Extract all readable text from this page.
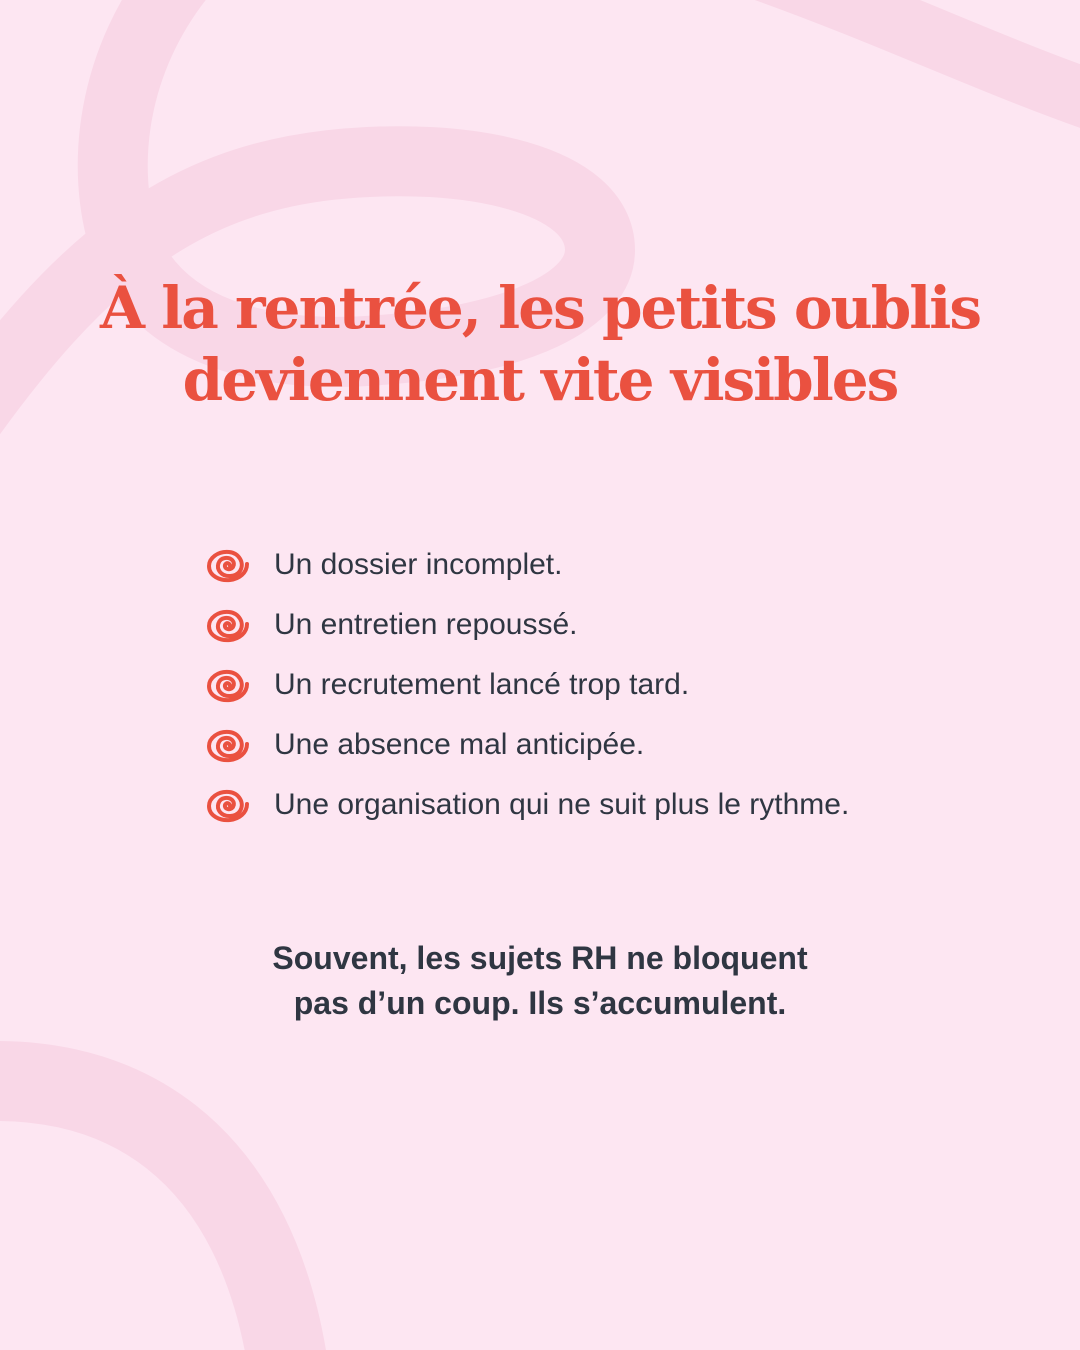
À la rentrée, les petits oublis
deviennent vite visibles
Un dossier incomplet.
Un entretien repoussé.
Un recrutement lancé trop tard.
Une absence mal anticipée.
Une organisation qui ne suit plus le rythme.

Souvent, les sujets RH ne bloquent
pas d’un coup. Ils s’accumulent.
